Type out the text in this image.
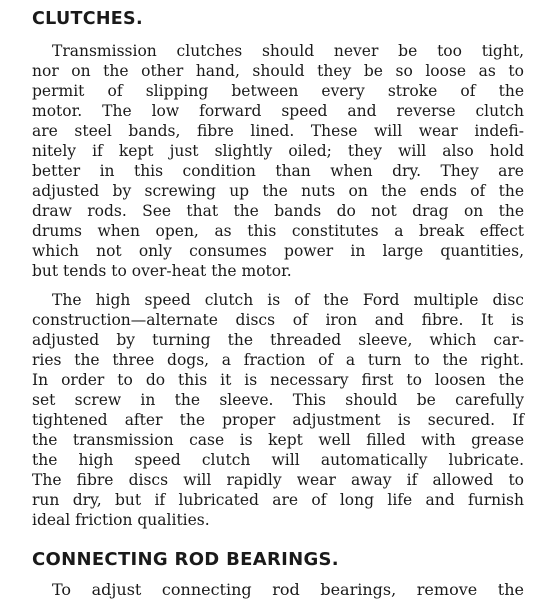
CLUTCHES.

Transmission clutches should never be too tight,
nor on the other hand, should they be so loose as to
permit of slipping between every stroke of the
motor. The low forward speed and reverse clutch
are steel bands, fibre lined. These will wear indefi-
nitely if kept just slightly oiled; they will also hold
better in this condition than when dry. They are
adjusted by screwing up the nuts on the ends of the
draw rods. See that the bands do not drag on the
drums when open, as this constitutes a break effect
which not only consumes power in large quantities,
but tends to over-heat the motor.

The high speed clutch is of the Ford multiple disc
construction—alternate discs of iron and fibre. It is
adjusted by turning the threaded sleeve, which car-
ries the three dogs, a fraction of a turn to the right.
In order to do this it is necessary first to loosen the
set screw in the sleeve. This should be carefully
tightened after the proper adjustment is secured. If
the transmission case is kept well filled with grease
the high speed clutch will automatically lubricate.
The fibre discs will rapidly wear away if allowed to
run dry, but if lubricated are of long life and furnish
ideal friction qualities.

CONNECTING ROD BEARINGS.

To adjust connecting rod bearings, remove the
